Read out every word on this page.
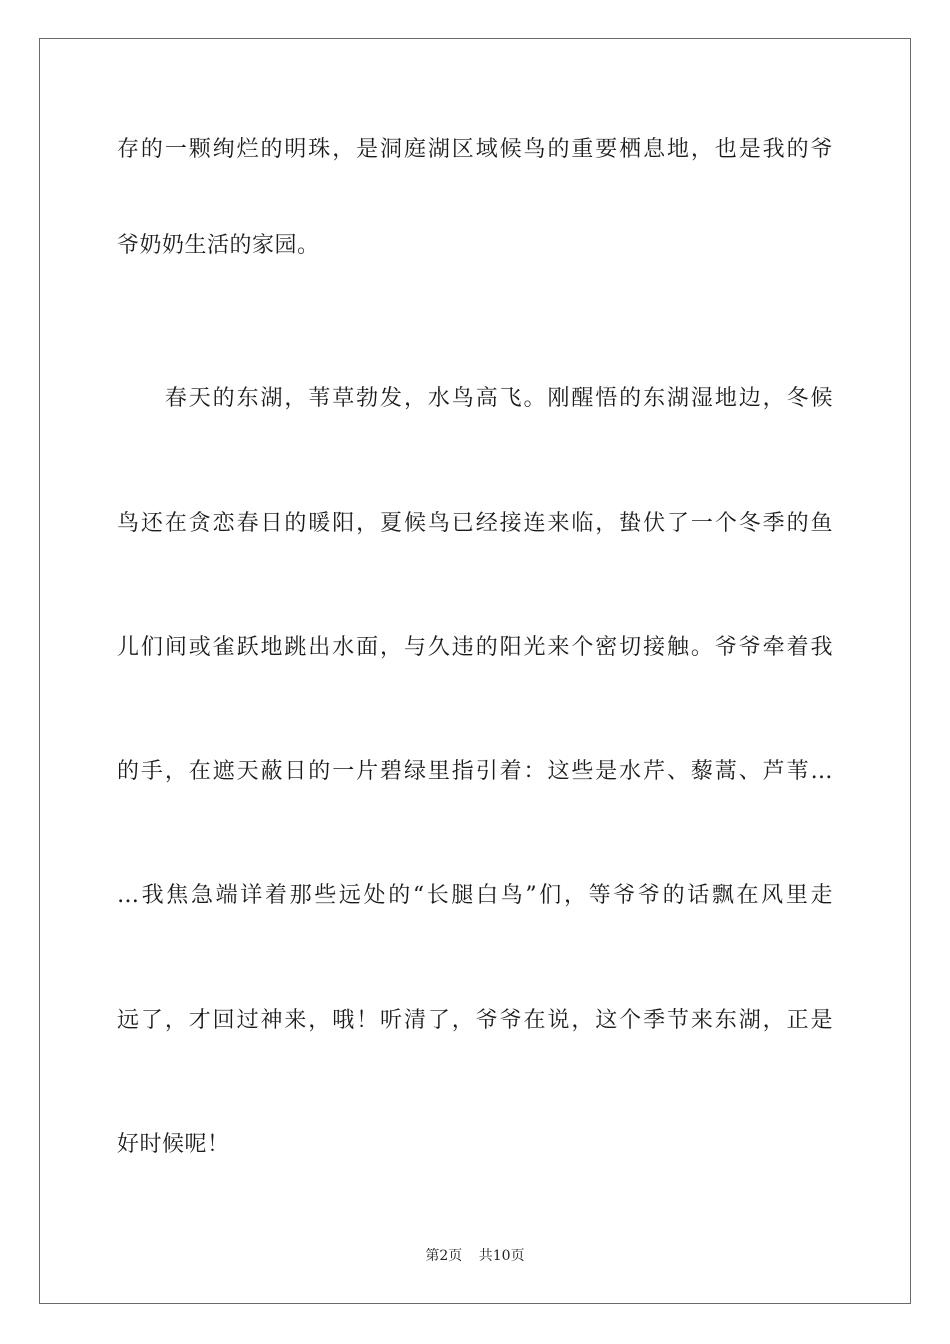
存的一颗绚烂的明珠，是洞庭湖区域候鸟的重要栖息地，也是我的爷
爷奶奶生活的家园。
　　春天的东湖，苇草勃发，水鸟高飞。刚醒悟的东湖湿地边，冬候
鸟还在贪恋春日的暖阳，夏候鸟已经接连来临，蛰伏了一个冬季的鱼
儿们间或雀跃地跳出水面，与久违的阳光来个密切接触。爷爷牵着我
的手，在遮天蔽日的一片碧绿里指引着：这些是水芹、藜蒿、芦苇…
…我焦急端详着那些远处的“长腿白鸟”们，等爷爷的话飘在风里走
远了，才回过神来，哦！听清了，爷爷在说，这个季节来东湖，正是
好时候呢！
第2页 共10页
